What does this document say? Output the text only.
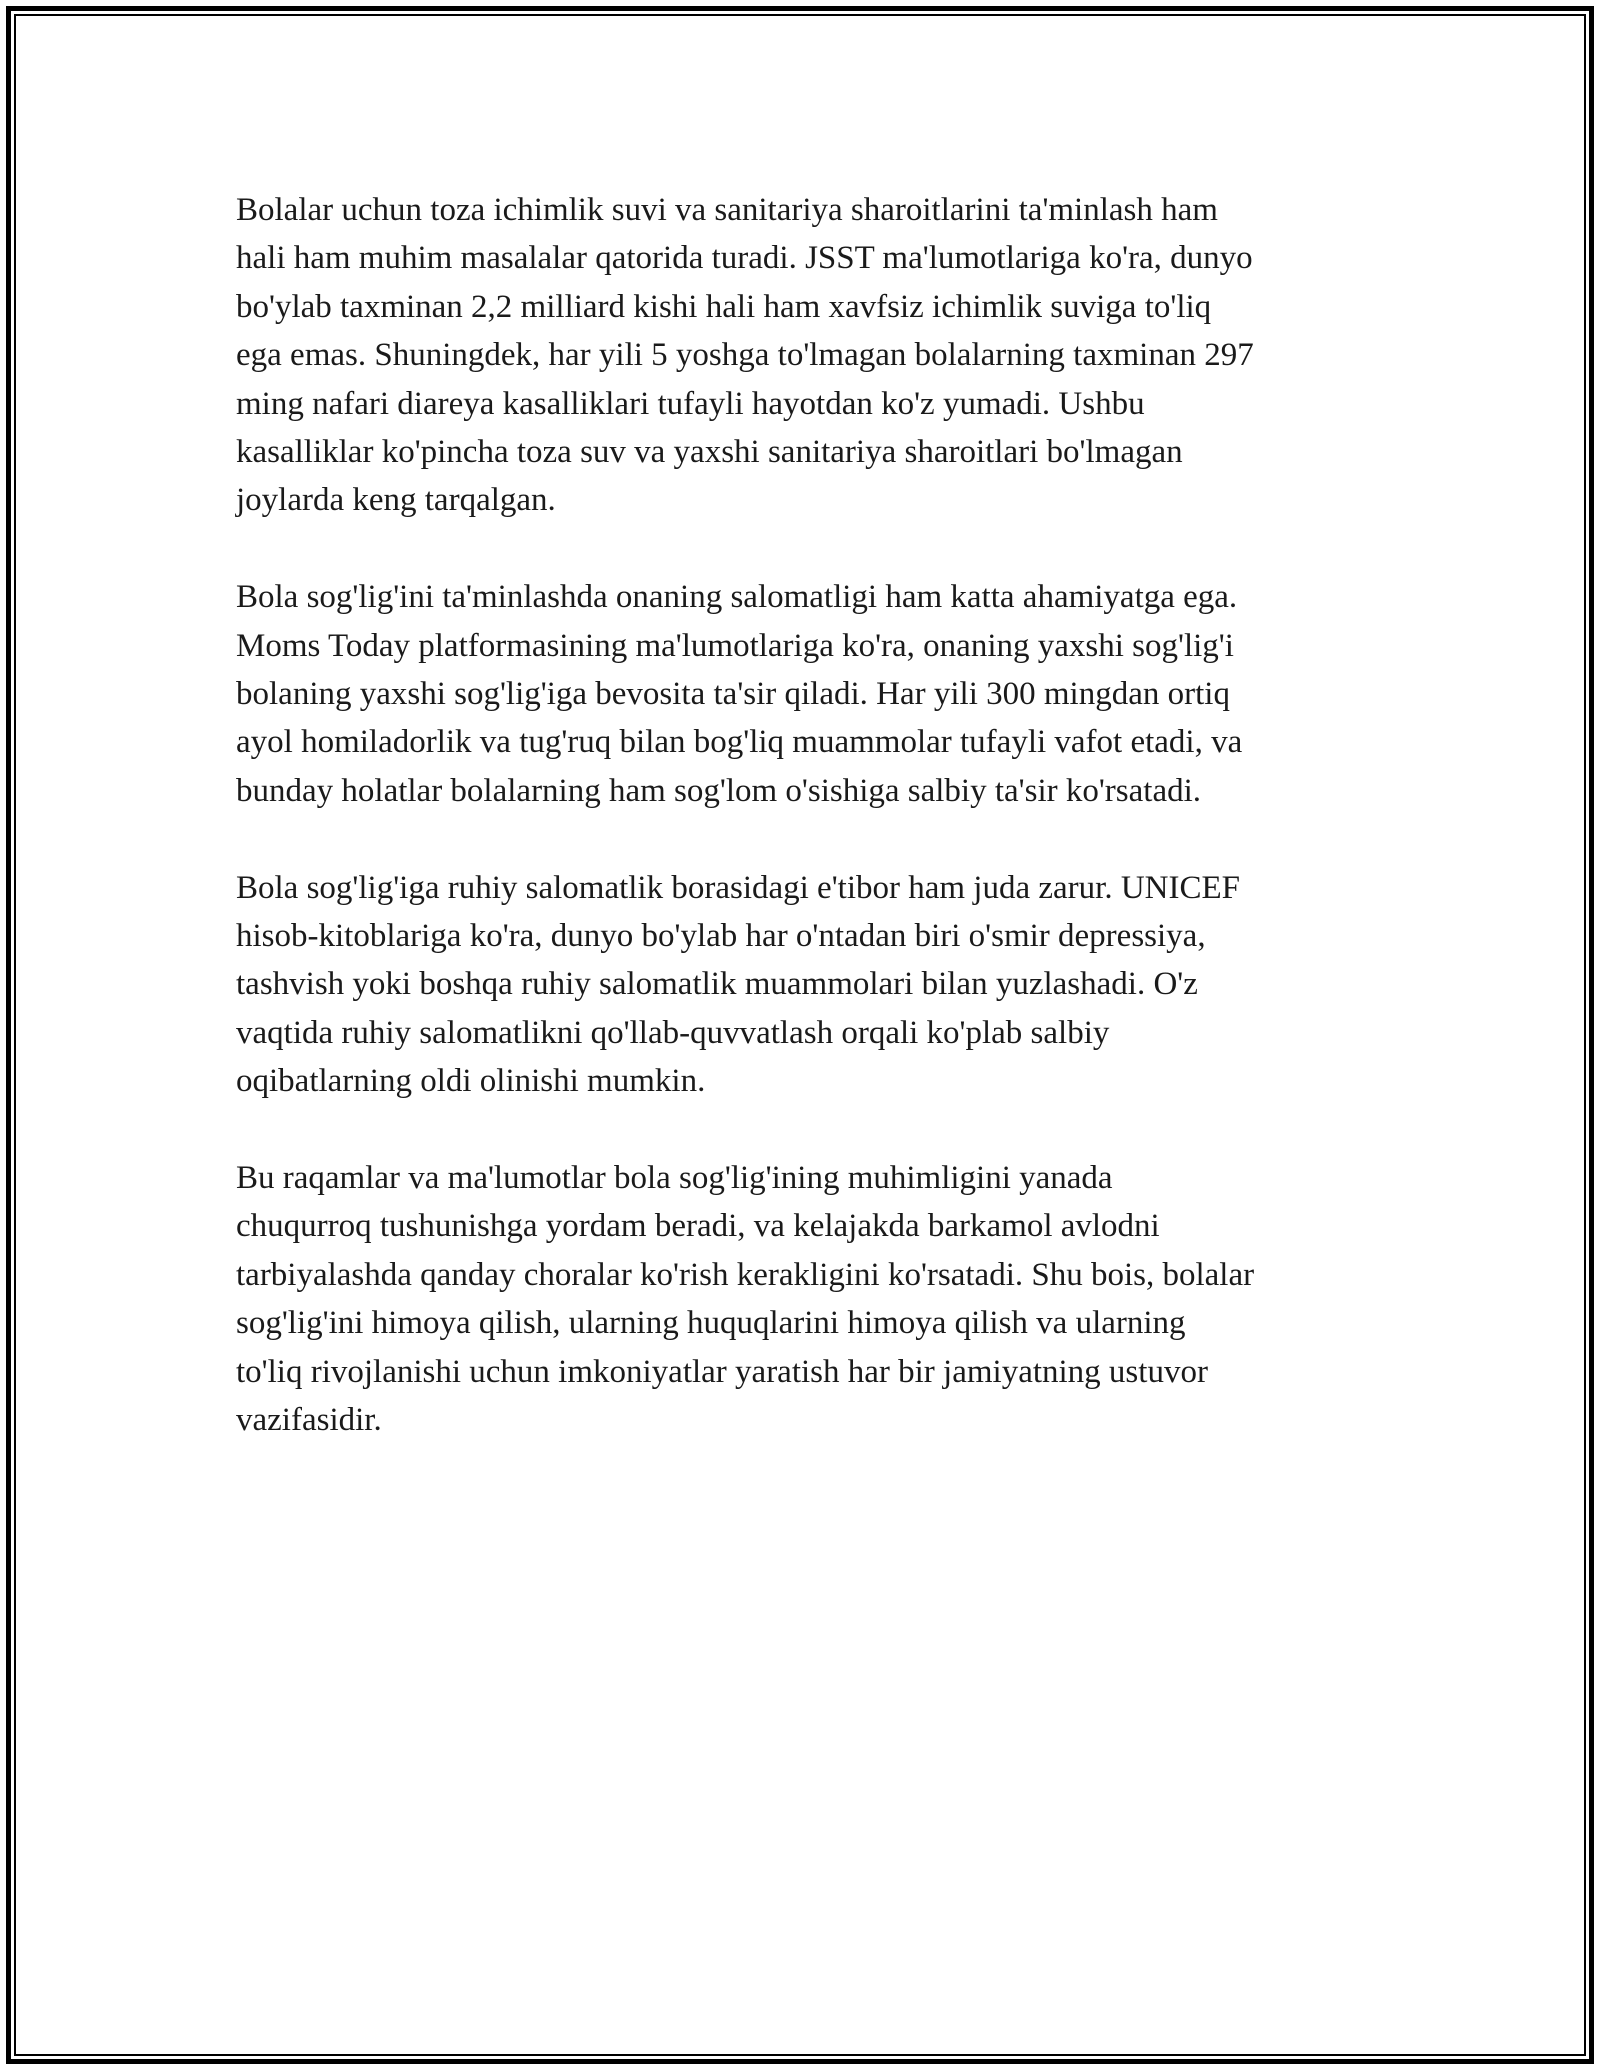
Bolalar uchun toza ichimlik suvi va sanitariya sharoitlarini ta'minlash ham
hali ham muhim masalalar qatorida turadi. JSST ma'lumotlariga ko'ra, dunyo
bo'ylab taxminan 2,2 milliard kishi hali ham xavfsiz ichimlik suviga to'liq
ega emas. Shuningdek, har yili 5 yoshga to'lmagan bolalarning taxminan 297
ming nafari diareya kasalliklari tufayli hayotdan ko'z yumadi. Ushbu
kasalliklar ko'pincha toza suv va yaxshi sanitariya sharoitlari bo'lmagan
joylarda keng tarqalgan.

Bola sog'lig'ini ta'minlashda onaning salomatligi ham katta ahamiyatga ega.
Moms Today platformasining ma'lumotlariga ko'ra, onaning yaxshi sog'lig'i
bolaning yaxshi sog'lig'iga bevosita ta'sir qiladi. Har yili 300 mingdan ortiq
ayol homiladorlik va tug'ruq bilan bog'liq muammolar tufayli vafot etadi, va
bunday holatlar bolalarning ham sog'lom o'sishiga salbiy ta'sir ko'rsatadi.

Bola sog'lig'iga ruhiy salomatlik borasidagi e'tibor ham juda zarur. UNICEF
hisob-kitoblariga ko'ra, dunyo bo'ylab har o'ntadan biri o'smir depressiya,
tashvish yoki boshqa ruhiy salomatlik muammolari bilan yuzlashadi. O'z
vaqtida ruhiy salomatlikni qo'llab-quvvatlash orqali ko'plab salbiy
oqibatlarning oldi olinishi mumkin.

Bu raqamlar va ma'lumotlar bola sog'lig'ining muhimligini yanada
chuqurroq tushunishga yordam beradi, va kelajakda barkamol avlodni
tarbiyalashda qanday choralar ko'rish kerakligini ko'rsatadi. Shu bois, bolalar
sog'lig'ini himoya qilish, ularning huquqlarini himoya qilish va ularning
to'liq rivojlanishi uchun imkoniyatlar yaratish har bir jamiyatning ustuvor
vazifasidir.
